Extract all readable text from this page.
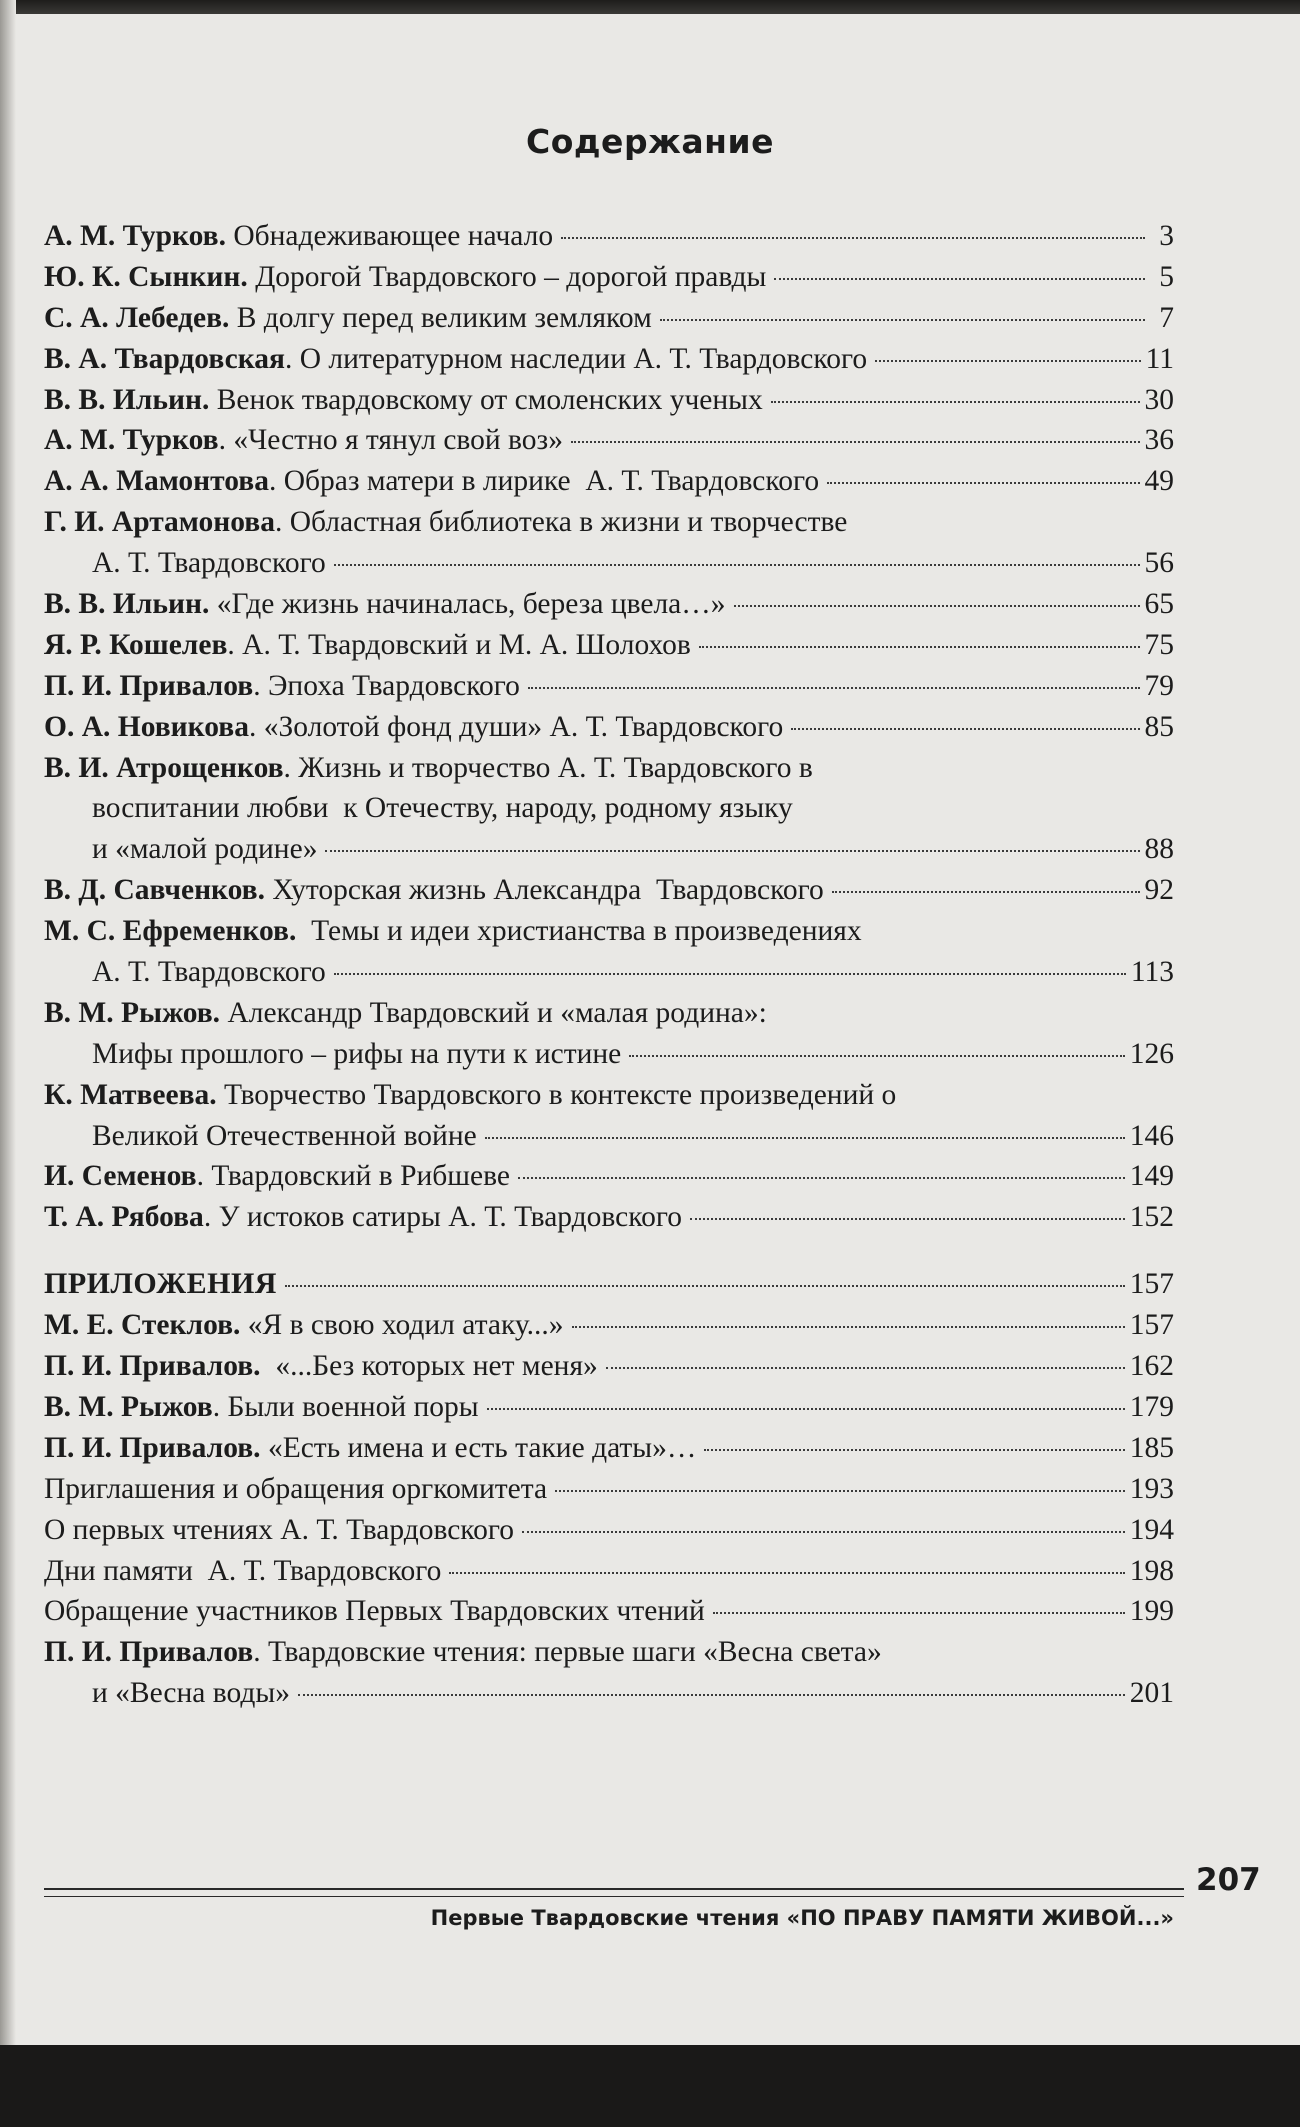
Содержание
А. М. Турков. Обнадеживающее начало	3
Ю. К. Сынкин. Дорогой Твардовского – дорогой правды	5
С. А. Лебедев. В долгу перед великим земляком	7
В. А. Твардовская . О литературном наследии А. Т. Твардовского	11
В. В. Ильин. Венок твардовскому от смоленских ученых	30
А. М. Турков . «Честно я тянул свой воз»	36
А. А. Мамонтова . Образ матери в лирике  А. Т. Твардовского	49
Г. И. Артамонова . Областная библиотека в жизни и творчестве
А. Т. Твардовского	56
В. В. Ильин. «Где жизнь начиналась, береза цвела…»	65
Я. Р. Кошелев . А. Т. Твардовский и М. А. Шолохов	75
П. И. Привалов . Эпоха Твардовского	79
О. А. Новикова . «Золотой фонд души» А. Т. Твардовского	85
В. И. Атрощенков . Жизнь и творчество А. Т. Твардовского в
воспитании любви  к Отечеству, народу, родному языку
и «малой родине»	88
В. Д. Савченков. Хуторская жизнь Александра  Твардовского	92
М. С. Ефременков. Темы и идеи христианства в произведениях
А. Т. Твардовского	113
В. М. Рыжов. Александр Твардовский и «малая родина»:
Мифы прошлого – рифы на пути к истине	126
К. Матвеева. Творчество Твардовского в контексте произведений о
Великой Отечественной войне	146
И. Семенов . Твардовский в Рибшеве	149
Т. А. Рябова . У истоков сатиры А. Т. Твардовского	152
ПРИЛОЖЕНИЯ	157
М. Е. Стеклов. «Я в свою ходил атаку...»	157
П. И. Привалов. «...Без которых нет меня»	162
В. М. Рыжов . Были военной поры	179
П. И. Привалов. «Есть имена и есть такие даты»…	185
Приглашения и обращения оргкомитета	193
О первых чтениях А. Т. Твардовского	194
Дни памяти  А. Т. Твардовского	198
Обращение участников Первых Твардовских чтений	199
П. И. Привалов . Твардовские чтения: первые шаги «Весна света»
и «Весна воды»	201
207
Первые Твардовские чтения «ПО ПРАВУ ПАМЯТИ ЖИВОЙ...»
